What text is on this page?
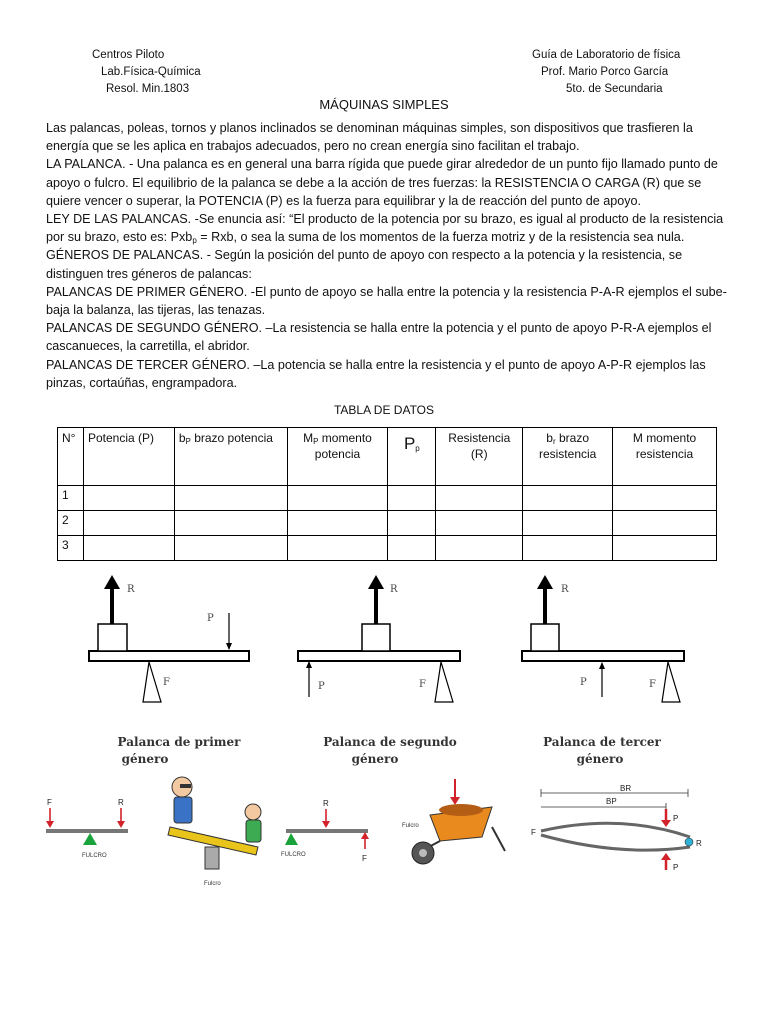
Centros Piloto
Lab.Física-Química
Resol. Min.1803
Guía de Laboratorio de física
Prof. Mario Porco García
5to. de Secundaria
MÁQUINAS SIMPLES

Las palancas, poleas, tornos y planos inclinados se denominan máquinas simples, son dispositivos que trasfieren la energía que se les aplica en trabajos adecuados, pero no crean energía sino facilitan el trabajo.

LA PALANCA. - Una palanca es en general una barra rígida que puede girar alrededor de un punto fijo llamado punto de apoyo o fulcro. El equilibrio de la palanca se debe a la acción de tres fuerzas: la RESISTENCIA O CARGA (R) que se quiere vencer o superar, la POTENCIA (P) es la fuerza para equilibrar y la de reacción del punto de apoyo.

LEY DE LAS PALANCAS. -Se enuncia así: “El producto de la potencia por su brazo, es igual al producto de la resistencia por su brazo, esto es: Pxb$_p$ = Rxb, o sea la suma de los momentos de la fuerza motriz y de la resistencia sea nula.

GÉNEROS DE PALANCAS. - Según la posición del punto de apoyo con respecto a la potencia y la resistencia, se distinguen tres géneros de palancas:

PALANCAS DE PRIMER GÉNERO. -El punto de apoyo se halla entre la potencia y la resistencia P-A-R ejemplos el sube-baja la balanza, las tijeras, las tenazas.

PALANCAS DE SEGUNDO GÉNERO. –La resistencia se halla entre la potencia y el punto de apoyo P-R-A ejemplos el cascanueces, la carretilla, el abridor.

PALANCAS DE TERCER GÉNERO. –La potencia se halla entre la resistencia y el punto de apoyo A-P-R ejemplos las pinzas, cortaúñas, engrampadora.

TABLA DE DATOS
N°	Potencia (P)	$b_P$ brazo potencia	$M_P$ momento potencia	$P_p$	Resistencia (R)	$b_r$ brazo resistencia	M momento resistencia
1							
2							
3							
R
P
F
R
P	F
R
P	F
Palanca de primer
género
Palanca de segundo
género
Palanca de tercer
género
F	R
FULCRO
Fulcro
R
FULCRO	F
Fulcro
BR
BP
F
P
P
R
